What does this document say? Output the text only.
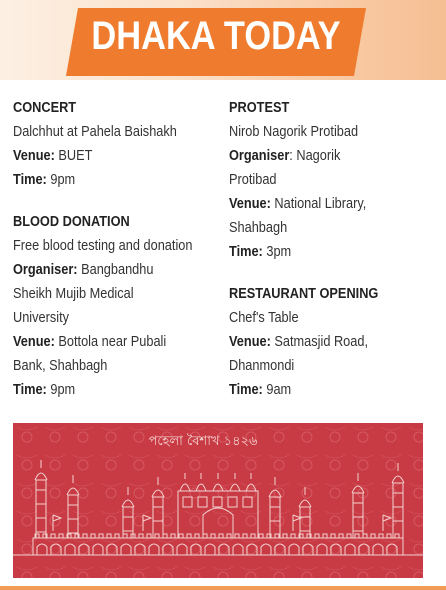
DHAKA TODAY
CONCERT
Dalchhut at Pahela Baishakh
Venue: BUET
Time: 9pm
BLOOD DONATION
Free blood testing and donation
Organiser: Bangbandhu
Sheikh Mujib Medical
University
Venue: Bottola near Pubali
Bank, Shahbagh
Time: 9pm
PROTEST
Nirob Nagorik Protibad
Organiser: Nagorik
Protibad
Venue: National Library,
Shahbagh
Time: 3pm
RESTAURANT OPENING
Chef's Table
Venue: Satmasjid Road,
Dhanmondi
Time: 9am
পহেলা বৈশাখ ১৪২৬
